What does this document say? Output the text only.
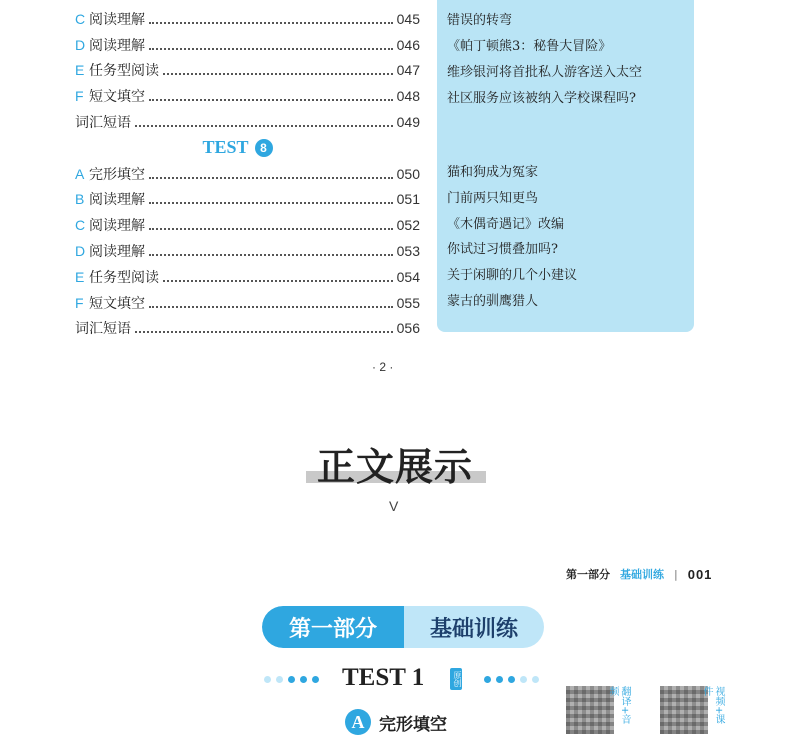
C 阅读理解	045
D 阅读理解	046
E 任务型阅读	047
F 短文填空	048
词汇短语	049
TEST 8
A 完形填空	050
B 阅读理解	051
C 阅读理解	052
D 阅读理解	053
E 任务型阅读	054
F 短文填空	055
词汇短语	056
错误的转弯
《帕丁顿熊3：秘鲁大冒险》
维珍银河将首批私人游客送入太空
社区服务应该被纳入学校课程吗?
猫和狗成为冤家
门前两只知更鸟
《木偶奇遇记》改编
你试过习惯叠加吗?
关于闲聊的几个小建议
蒙古的驯鹰猎人
· 2 ·
正文展示
V
第一部分 基础训练 | 001
第一部分	基础训练
TEST 1	原创
A 完形填空
翻译+音频	视频+课件
